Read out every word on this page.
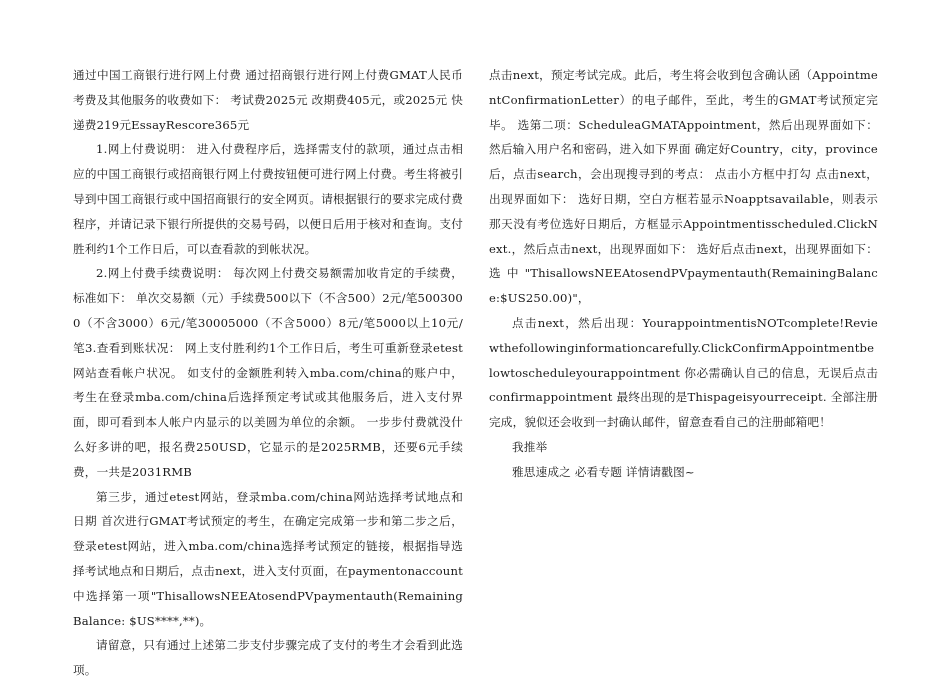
通过中国工商银行进行网上付费 通过招商银行进行网上付费GMAT人民币考费及其他服务的收费如下： 考试费2025元 改期费405元，或2025元 快递费219元EssayRescore365元

1.网上付费说明： 进入付费程序后，选择需支付的款项，通过点击相应的中国工商银行或招商银行网上付费按钮便可进行网上付费。考生将被引导到中国工商银行或中国招商银行的安全网页。请根据银行的要求完成付费程序，并请记录下银行所提供的交易号码，以便日后用于核对和查询。支付胜利约1个工作日后，可以查看款的到帐状况。

2.网上付费手续费说明： 每次网上付费交易额需加收肯定的手续费，标准如下： 单次交易额（元）手续费500以下（不含500）2元/笔5003000（不含3000）6元/笔30005000（不含5000）8元/笔5000以上10元/笔3.查看到账状况： 网上支付胜利约1个工作日后，考生可重新登录etest网站查看帐户状况。 如支付的金额胜利转入mba.com/china的账户中，考生在登录mba.com/china后选择预定考试或其他服务后，进入支付界面，即可看到本人帐户内显示的以美圆为单位的余额。 一步步付费就没什么好多讲的吧，报名费250USD，它显示的是2025RMB，还要6元手续费，一共是2031RMB

第三步，通过etest网站，登录mba.com/china网站选择考试地点和日期 首次进行GMAT考试预定的考生，在确定完成第一步和第二步之后，登录etest网站，进入mba.com/china选择考试预定的链接，根据指导选择考试地点和日期后，点击next，进入支付页面，在paymentonaccount中选择第一项"ThisallowsNEEAtosendPVpaymentauth(RemainingBalance: $US****,**)。

请留意，只有通过上述第二步支付步骤完成了支付的考生才会看到此选项。

点击next，预定考试完成。此后，考生将会收到包含确认函（AppointmentConfirmationLetter）的电子邮件，至此，考生的GMAT考试预定完毕。 选第二项：ScheduleaGMATAppointment，然后出现界面如下： 然后输入用户名和密码，进入如下界面 确定好Country，city，province后，点击search，会出现搜寻到的考点： 点击小方框中打勾 点击next，出现界面如下： 选好日期，空白方框若显示Noapptsavailable，则表示那天没有考位选好日期后，方框显示Appointmentisscheduled.ClickNext.，然后点击next，出现界面如下： 选好后点击next，出现界面如下： 选中"ThisallowsNEEAtosendPVpaymentauth(RemainingBalance:$US250.00)"，

点击next，然后出现：YourappointmentisNOTcomplete!Reviewthefollowinginformationcarefully.ClickConfirmAppointmentbelowtoscheduleyourappointment 你必需确认自己的信息，无误后点击confirmappointment 最终出现的是Thispageisyourreceipt. 全部注册完成，貌似还会收到一封确认邮件，留意查看自己的注册邮箱吧！

我推举

雅思速成之 必看专题 详情请戳图~
